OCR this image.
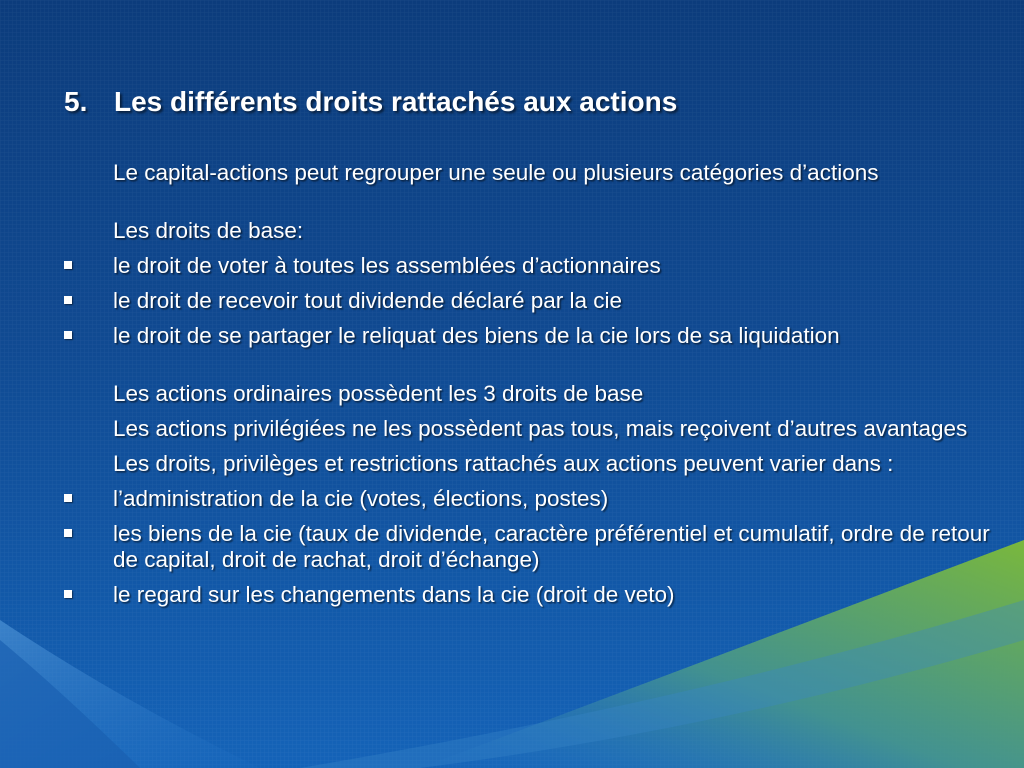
5. Les différents droits rattachés aux actions

Le capital-actions peut regrouper une seule ou plusieurs catégories d’actions

Les droits de base:

le droit de voter à toutes les assemblées d’actionnaires
le droit de recevoir tout dividende déclaré par la cie
le droit de se partager le reliquat des biens de la cie lors de sa liquidation

Les actions ordinaires possèdent les 3 droits de base

Les actions privilégiées ne les possèdent pas tous, mais reçoivent d’autres avantages

Les droits, privilèges et restrictions rattachés aux actions peuvent varier dans :

l’administration de la cie (votes, élections, postes)
les biens de la cie (taux de dividende, caractère préférentiel et cumulatif, ordre de retour de capital, droit de rachat, droit d’échange)
le regard sur les changements dans la cie (droit de veto)
